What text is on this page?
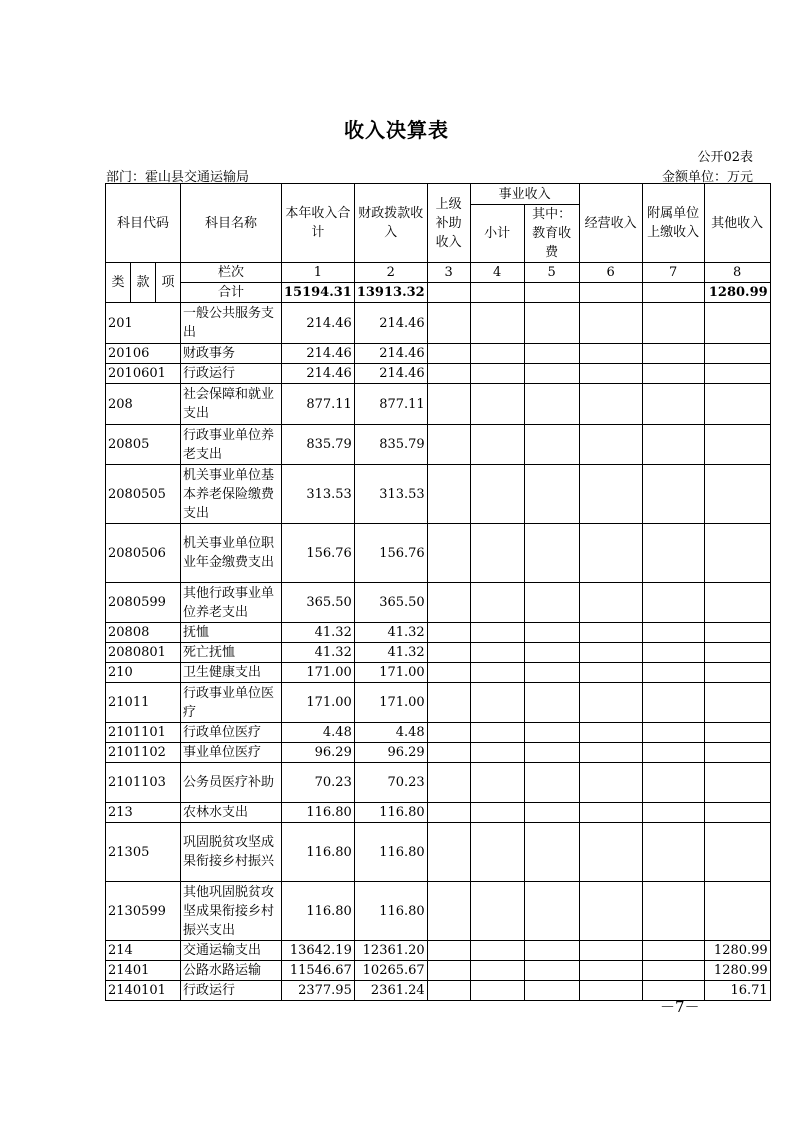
收入决算表
公开02表
部门：霍山县交通运输局	金额单位：万元
科目代码			科目名称	本年收入合计	财政拨款收入	上级补助收入	事业收入		经营收入	附属单位上缴收入	其他收入
							小计	其中：教育收费			

类	款	项	栏次	1	2	3	4	5	6	7	8
			合计	15194.31	13913.32						1280.99
201			一般公共服务支出	214.46	214.46						
20106			财政事务	214.46	214.46						
2010601			行政运行	214.46	214.46						
208			社会保障和就业支出	877.11	877.11						
20805			行政事业单位养老支出	835.79	835.79						
2080505			机关事业单位基本养老保险缴费支出	313.53	313.53						
2080506			机关事业单位职业年金缴费支出	156.76	156.76						
2080599			其他行政事业单位养老支出	365.50	365.50						
20808			抚恤	41.32	41.32						
2080801			死亡抚恤	41.32	41.32						
210			卫生健康支出	171.00	171.00						
21011			行政事业单位医疗	171.00	171.00						
2101101			行政单位医疗	4.48	4.48						
2101102			事业单位医疗	96.29	96.29						
2101103			公务员医疗补助	70.23	70.23						
213			农林水支出	116.80	116.80						
21305			巩固脱贫攻坚成果衔接乡村振兴	116.80	116.80						
2130599			其他巩固脱贫攻坚成果衔接乡村振兴支出	116.80	116.80						
214			交通运输支出	13642.19	12361.20						1280.99
21401			公路水路运输	11546.67	10265.67						1280.99
2140101			行政运行	2377.95	2361.24						16.71
－7－
